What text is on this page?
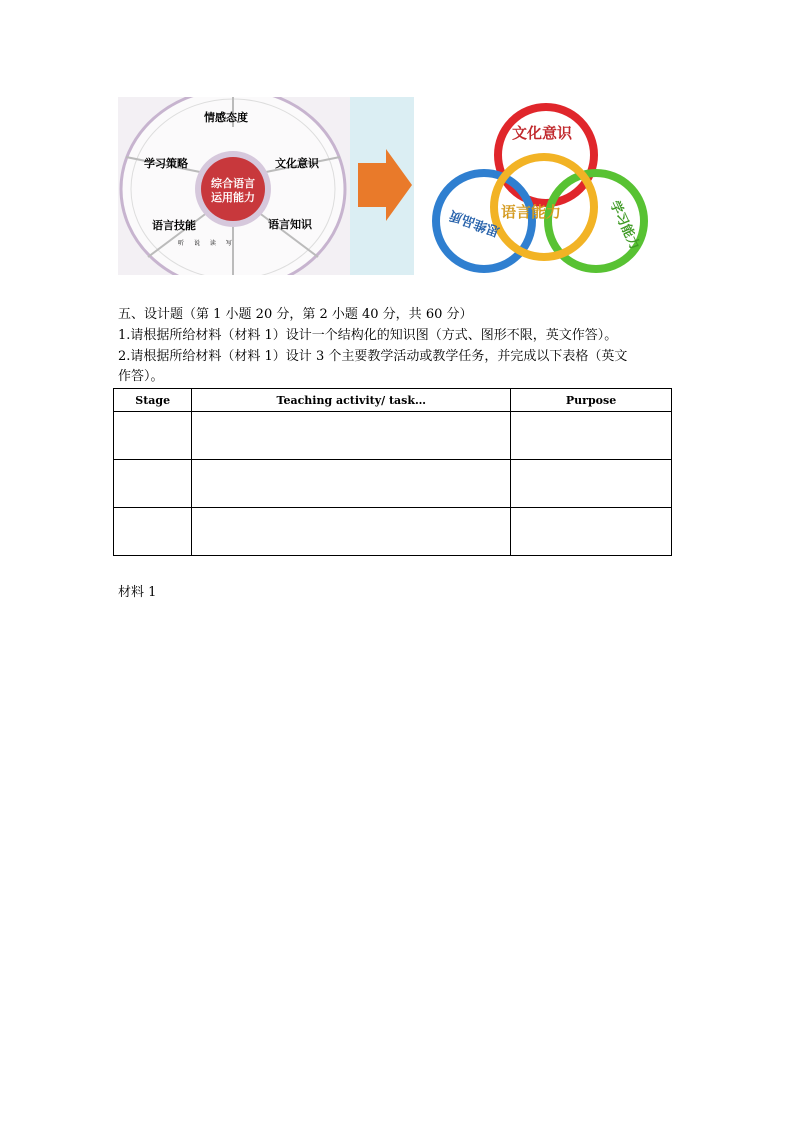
综合语言
运用能力
情感态度
文化意识
语言知识
语言技能
学习策略
听 说 读 写
文化意识
语言能力
思维品质	学习能力
五、设计题（第 1 小题 20 分，第 2 小题 40 分，共 60 分）
1.请根据所给材料（材料 1）设计一个结构化的知识图（方式、图形不限，英文作答）。
2.请根据所给材料（材料 1）设计 3 个主要教学活动或教学任务，并完成以下表格（英文
作答）。
Stage	Teaching activity/ task…	Purpose

材料 1
